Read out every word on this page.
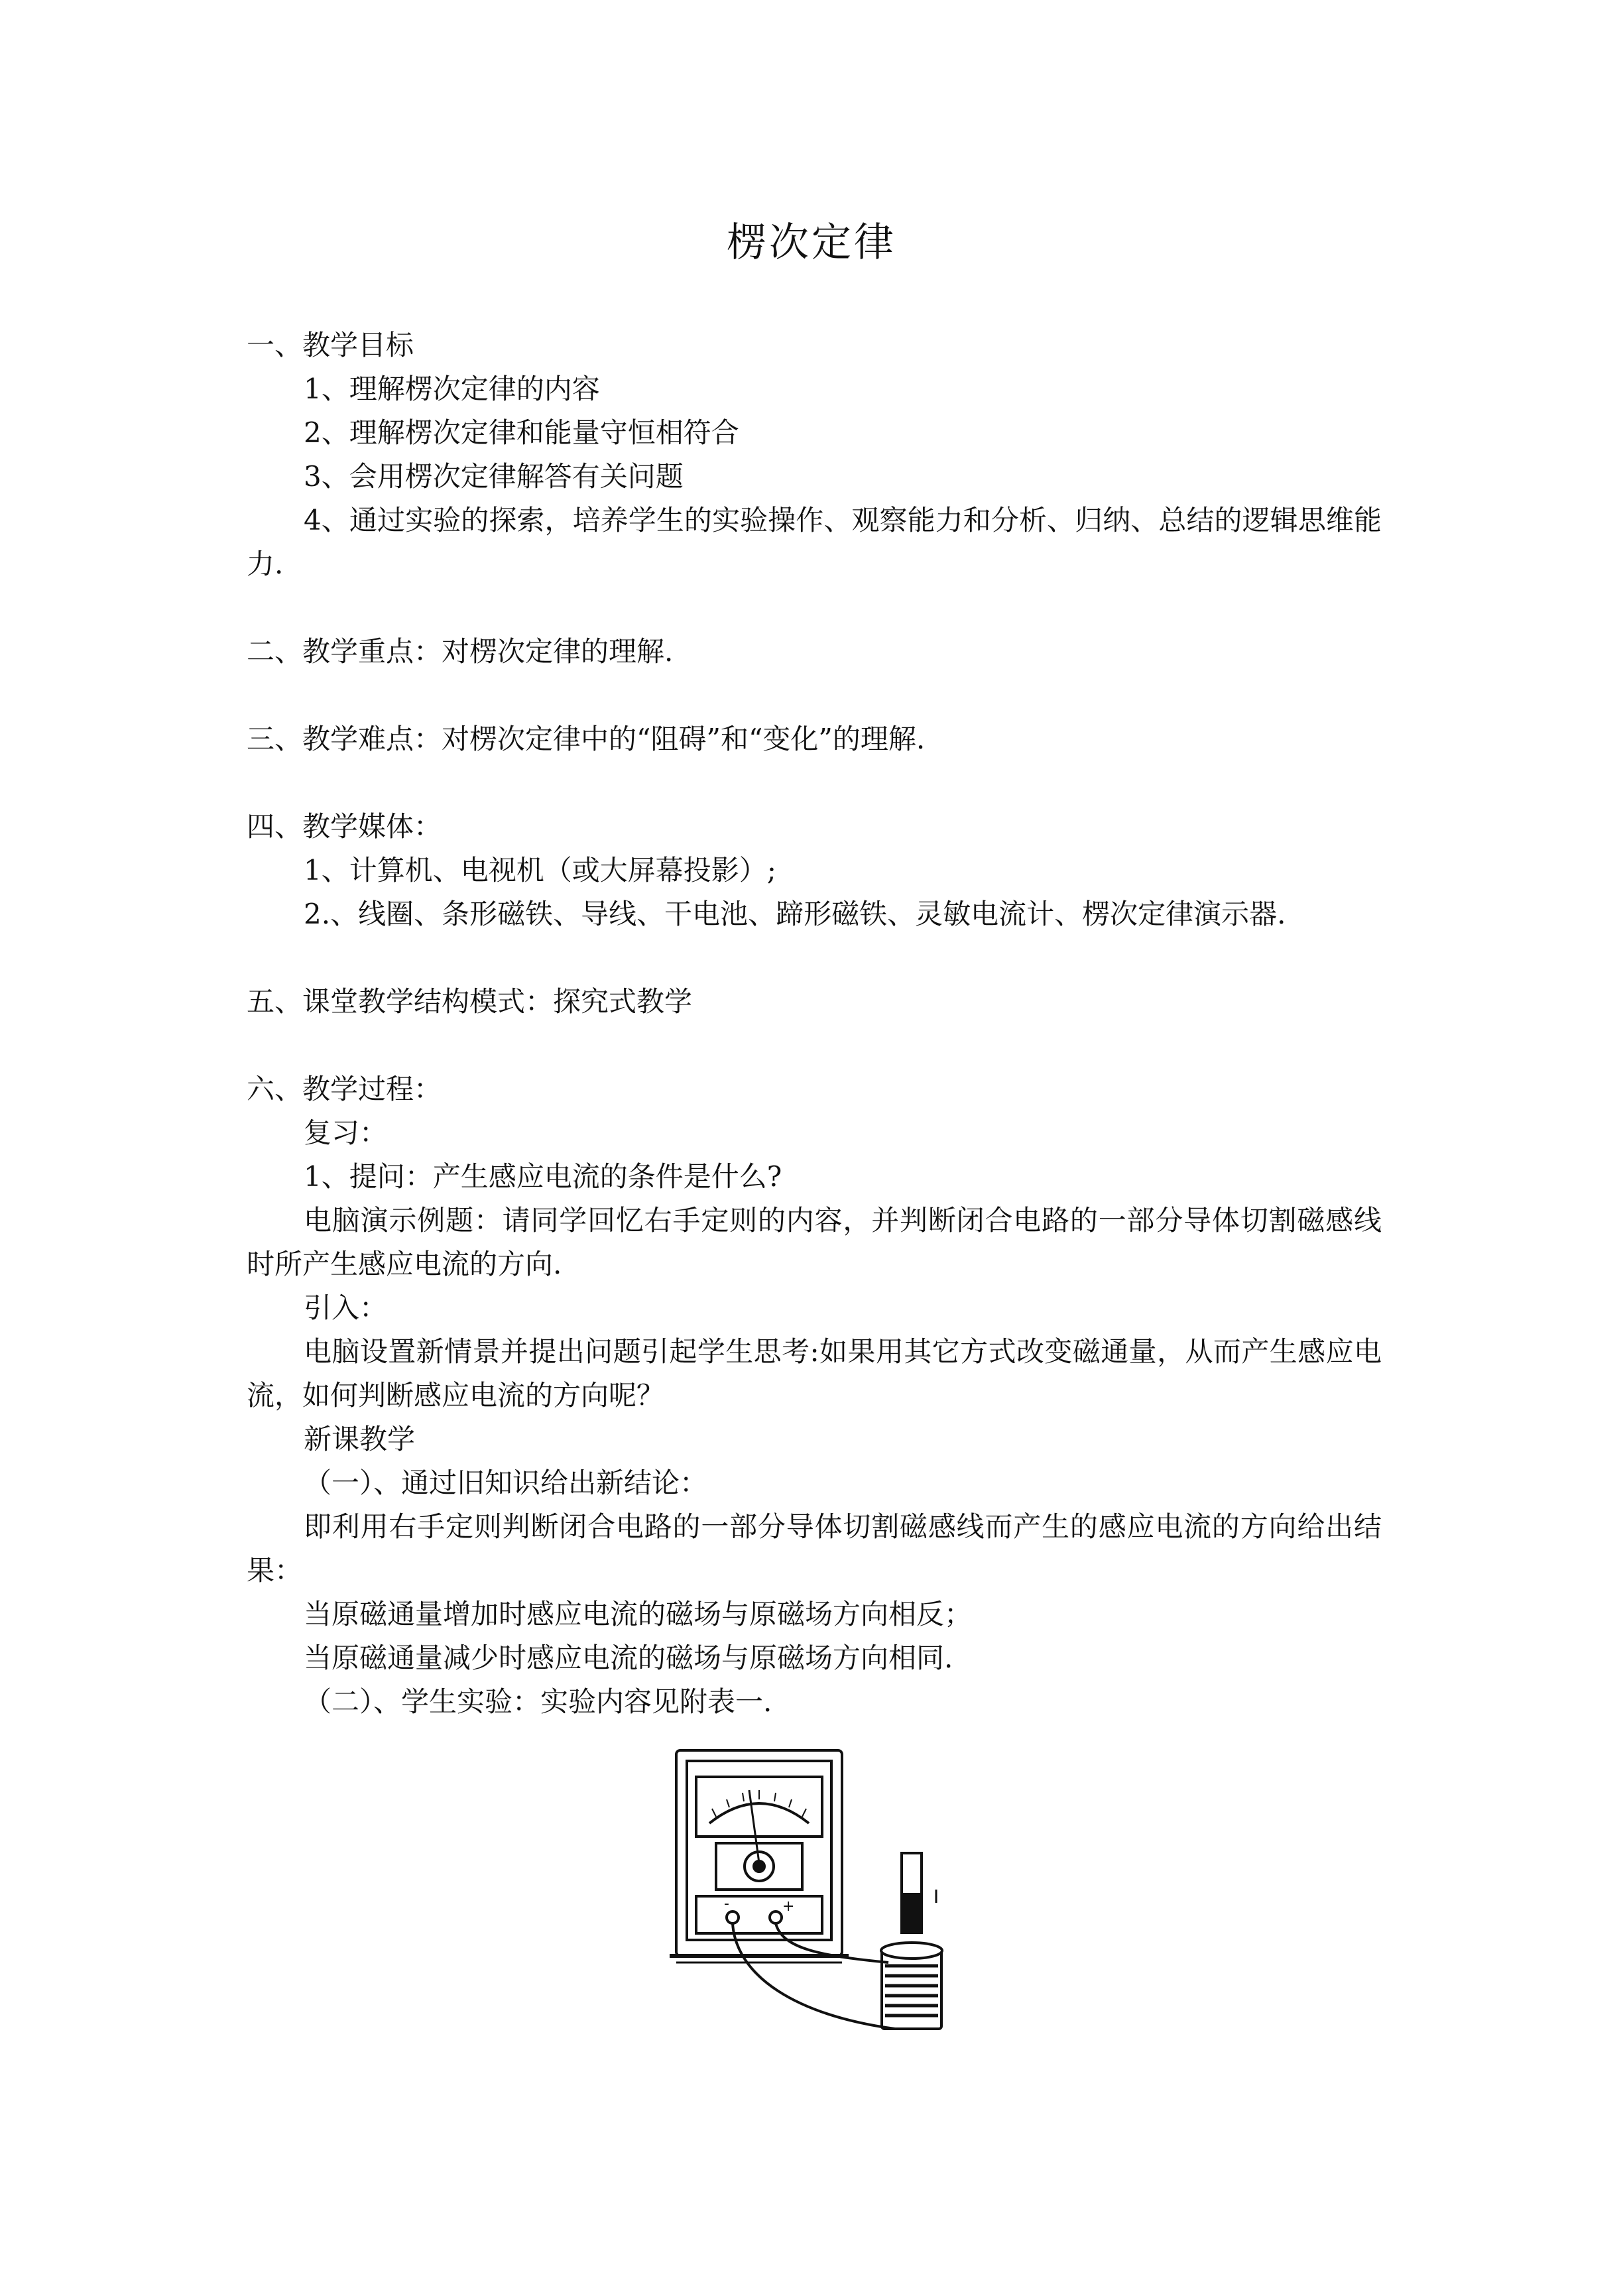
楞次定律

一、教学目标

1、理解楞次定律的内容

2、理解楞次定律和能量守恒相符合

3、会用楞次定律解答有关问题

4、通过实验的探索，培养学生的实验操作、观察能力和分析、归纳、总结的逻辑思维能力.

二、教学重点：对楞次定律的理解.

三、教学难点：对楞次定律中的“阻碍”和“变化”的理解.

四、教学媒体：

1、计算机、电视机（或大屏幕投影）;

2.、线圈、条形磁铁、导线、干电池、蹄形磁铁、灵敏电流计、楞次定律演示器.

五、课堂教学结构模式：探究式教学

六、教学过程：

复习：

1、提问：产生感应电流的条件是什么?

电脑演示例题：请同学回忆右手定则的内容，并判断闭合电路的一部分导体切割磁感线时所产生感应电流的方向.

引入：

电脑设置新情景并提出问题引起学生思考:如果用其它方式改变磁通量，从而产生感应电流，如何判断感应电流的方向呢？

新课教学

（一）、通过旧知识给出新结论：

即利用右手定则判断闭合电路的一部分导体切割磁感线而产生的感应电流的方向给出结果：

当原磁通量增加时感应电流的磁场与原磁场方向相反；

当原磁通量减少时感应电流的磁场与原磁场方向相同.

（二）、学生实验：实验内容见附表一.

-	+
